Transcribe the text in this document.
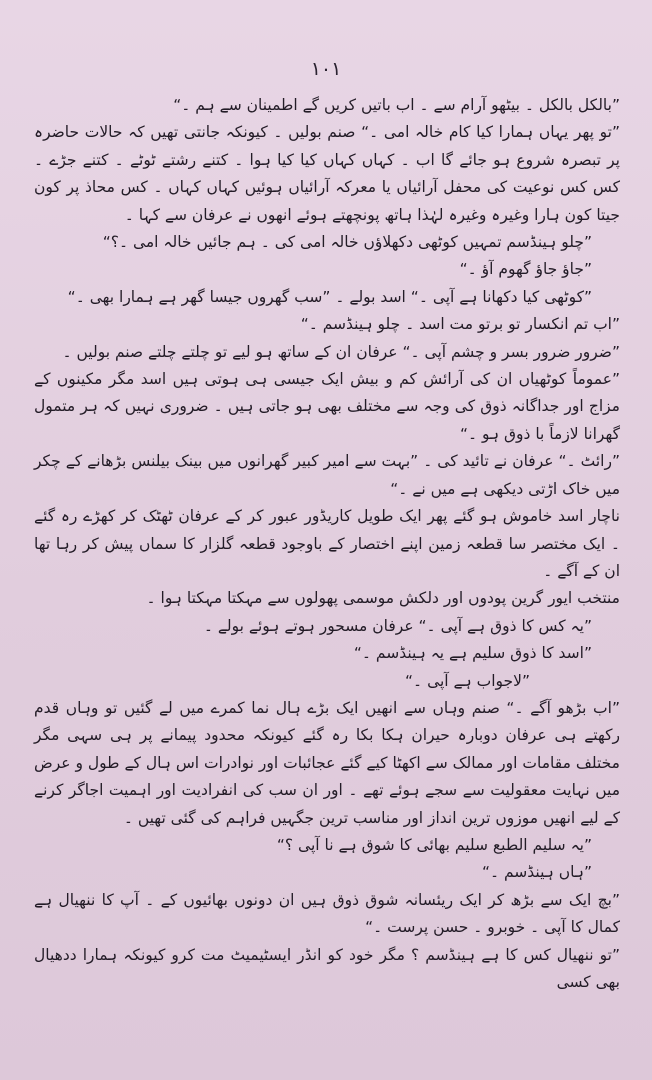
۱۰۱

”بالکل بالکل ۔ بیٹھو آرام سے ۔ اب باتیں کریں گے اطمینان سے ہم ۔“

”تو پھر یہاں ہمارا کیا کام خالہ امی ۔“ صنم بولیں ۔ کیونکہ جانتی تھیں کہ حالات حاضرہ پر تبصرہ شروع ہو جائے گا اب ۔ کہاں کہاں کیا کیا ہوا ۔ کتنے رشتے ٹوٹے ۔ کتنے جڑے ۔ کس کس نوعیت کی محفل آرائیاں یا معرکہ آرائیاں ہوئیں کہاں کہاں ۔ کس محاذ پر کون جیتا کون ہارا وغیرہ وغیرہ لہٰذا ہاتھ پونچھتے ہوئے انھوں نے عرفان سے کہا ۔

”چلو ہینڈسم تمہیں کوٹھی دکھلاؤں خالہ امی کی ۔ ہم جائیں خالہ امی ۔؟“

”جاؤ جاؤ گھوم آؤ ۔“

”کوٹھی کیا دکھانا ہے آپی ۔“ اسد بولے ۔ ”سب گھروں جیسا گھر ہے ہمارا بھی ۔“

”اب تم انکسار تو برتو مت اسد ۔ چلو ہینڈسم ۔“

”ضرور ضرور بسر و چشم آپی ۔“ عرفان ان کے ساتھ ہو لیے تو چلتے چلتے صنم بولیں ۔

”عموماً کوٹھیاں ان کی آرائش کم و بیش ایک جیسی ہی ہوتی ہیں اسد مگر مکینوں کے مزاج اور جداگانہ ذوق کی وجہ سے مختلف بھی ہو جاتی ہیں ۔ ضروری نہیں کہ ہر متمول گھرانا لازماً با ذوق ہو ۔“

”رائٹ ۔“ عرفان نے تائید کی ۔ ”بہت سے امیر کبیر گھرانوں میں بینک بیلنس بڑھانے کے چکر میں خاک اڑتی دیکھی ہے میں نے ۔“

ناچار اسد خاموش ہو گئے پھر ایک طویل کاریڈور عبور کر کے عرفان ٹھٹک کر کھڑے رہ گئے ۔ ایک مختصر سا قطعہ زمین اپنے اختصار کے باوجود قطعہ گلزار کا سماں پیش کر رہا تھا ان کے آگے ۔

منتخب ایور گرین پودوں اور دلکش موسمی پھولوں سے مہکتا مہکتا ہوا ۔

”یہ کس کا ذوق ہے آپی ۔“ عرفان مسحور ہوتے ہوئے بولے ۔

”اسد کا ذوق سلیم ہے یہ ہینڈسم ۔“

”لاجواب ہے آپی ۔“

”اب بڑھو آگے ۔“ صنم وہاں سے انھیں ایک بڑے ہال نما کمرے میں لے گئیں تو وہاں قدم رکھتے ہی عرفان دوبارہ حیران ہکا بکا رہ گئے کیونکہ محدود پیمانے پر ہی سہی مگر مختلف مقامات اور ممالک سے اکھٹا کیے گئے عجائبات اور نوادرات اس ہال کے طول و عرض میں نہایت معقولیت سے سجے ہوئے تھے ۔ اور ان سب کی انفرادیت اور اہمیت اجاگر کرنے کے لیے انھیں موزوں ترین انداز اور مناسب ترین جگہیں فراہم کی گئی تھیں ۔

”یہ سلیم الطبع سلیم بھائی کا شوق ہے نا آپی ؟“

”ہاں ہینڈسم ۔“

”بچ ایک سے بڑھ کر ایک ریئسانہ شوق ذوق ہیں ان دونوں بھائیوں کے ۔ آپ کا ننھیال ہے کمال کا آپی ۔ خوبرو ۔ حسن پرست ۔“

”تو ننھیال کس کا ہے ہینڈسم ؟ مگر خود کو انڈر ایسٹیمیٹ مت کرو کیونکہ ہمارا ددھیال بھی کسی
